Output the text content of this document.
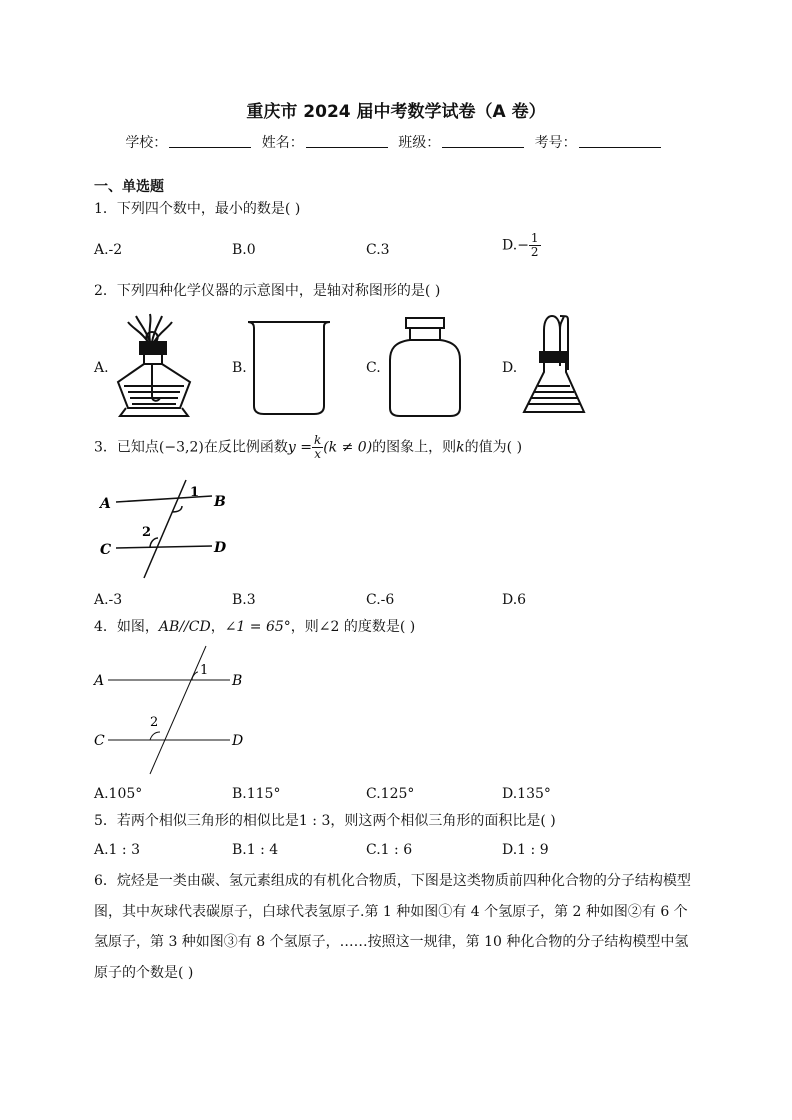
重庆市 2024 届中考数学试卷（A 卷）
学校：	姓名：	班级：	考号：
一、单选题
1．下列四个数中，最小的数是( )
A.-2	B.0	C.3	$D.- \frac{1}{2}$
2．下列四种化学仪器的示意图中，是轴对称图形的是( )
A.	B.	C.	D.
3．已知点(−3,2)在反比例函数$y = \frac{k}{x} (k \ne 0)$的图象上，则k的值为( )
A	B
C	D
1
2
A.-3	B.3	C.-6	D.6
4．如图，AB//CD，∠1 = 65°，则∠2 的度数是( )
A	B
C	D
1
2
A.105°	B.115°	C.125°	D.135°
5．若两个相似三角形的相似比是1 : 3，则这两个相似三角形的面积比是( )
A.1 : 3	B.1 : 4	C.1 : 6	D.1 : 9
6．烷烃是一类由碳、氢元素组成的有机化合物质，下图是这类物质前四种化合物的分子结构模型图，其中灰球代表碳原子，白球代表氢原子.第 1 种如图①有 4 个氢原子，第 2 种如图②有 6 个氢原子，第 3 种如图③有 8 个氢原子，……按照这一规律，第 10 种化合物的分子结构模型中氢原子的个数是( )
